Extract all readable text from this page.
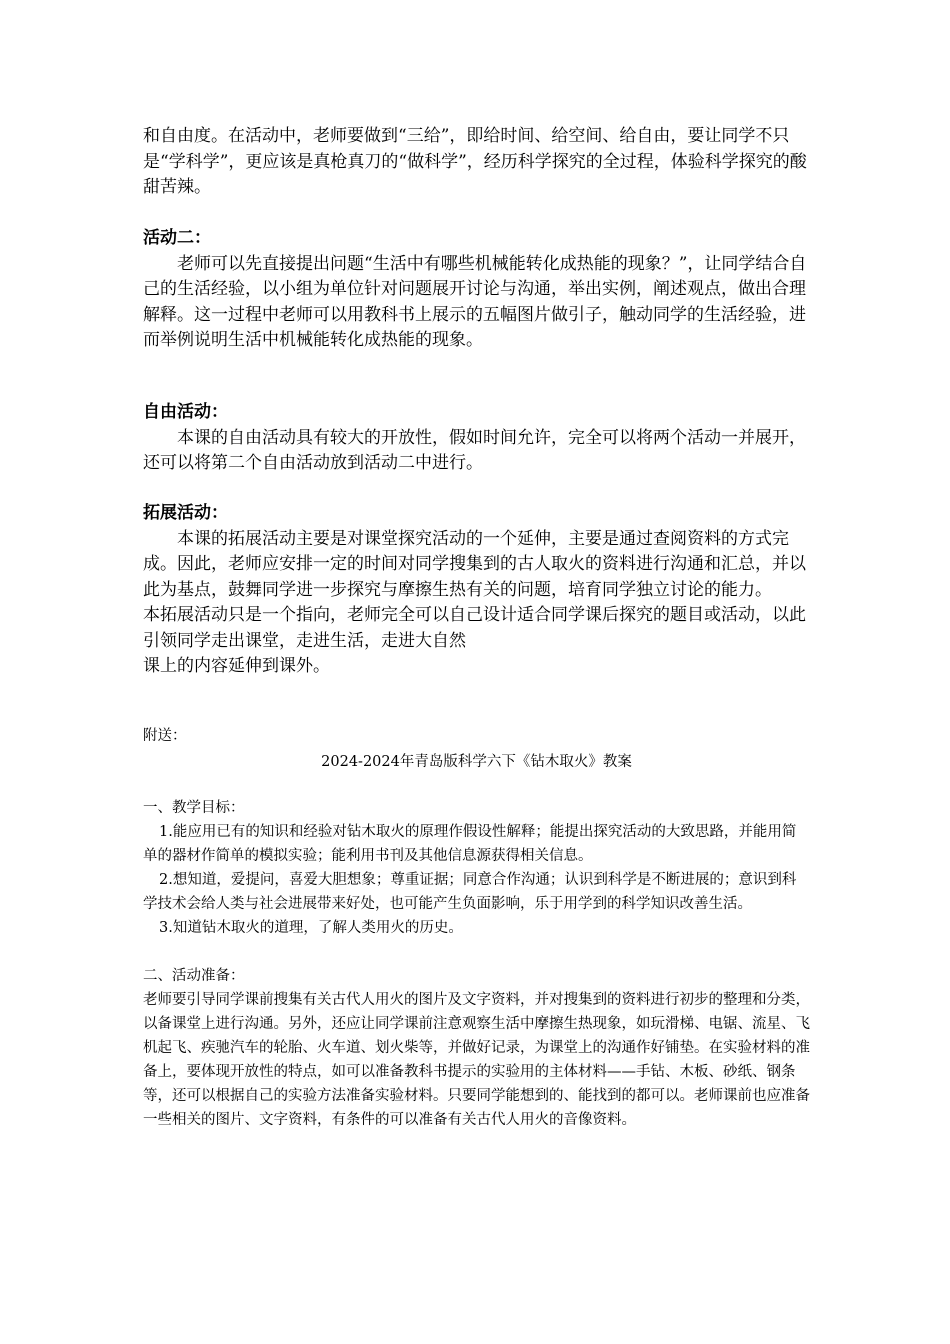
和自由度。在活动中，老师要做到“三给”，即给时间、给空间、给自由，要让同学不只是“学科学”，更应该是真枪真刀的“做科学”，经历科学探究的全过程，体验科学探究的酸甜苦辣。
活动二：
老师可以先直接提出问题“生活中有哪些机械能转化成热能的现象？”，让同学结合自己的生活经验，以小组为单位针对问题展开讨论与沟通，举出实例，阐述观点，做出合理解释。这一过程中老师可以用教科书上展示的五幅图片做引子，触动同学的生活经验，进而举例说明生活中机械能转化成热能的现象。
自由活动：
本课的自由活动具有较大的开放性，假如时间允许，完全可以将两个活动一并展开，还可以将第二个自由活动放到活动二中进行。
拓展活动：
本课的拓展活动主要是对课堂探究活动的一个延伸，主要是通过查阅资料的方式完成。因此，老师应安排一定的时间对同学搜集到的古人取火的资料进行沟通和汇总，并以此为基点，鼓舞同学进一步探究与摩擦生热有关的问题，培育同学独立讨论的能力。
本拓展活动只是一个指向，老师完全可以自己设计适合同学课后探究的题目或活动，以此引领同学走出课堂，走进生活，走进大自然
课上的内容延伸到课外。
附送：
2024-2024年青岛版科学六下《钻木取火》教案
一、教学目标：
1.能应用已有的知识和经验对钻木取火的原理作假设性解释；能提出探究活动的大致思路，并能用简单的器材作简单的模拟实验；能利用书刊及其他信息源获得相关信息。
2.想知道，爱提问，喜爱大胆想象；尊重证据；同意合作沟通；认识到科学是不断进展的；意识到科学技术会给人类与社会进展带来好处，也可能产生负面影响，乐于用学到的科学知识改善生活。
3.知道钻木取火的道理，了解人类用火的历史。
二、活动准备：
老师要引导同学课前搜集有关古代人用火的图片及文字资料，并对搜集到的资料进行初步的整理和分类，以备课堂上进行沟通。另外，还应让同学课前注意观察生活中摩擦生热现象，如玩滑梯、电锯、流星、飞机起飞、疾驰汽车的轮胎、火车道、划火柴等，并做好记录，为课堂上的沟通作好铺垫。在实验材料的准备上，要体现开放性的特点，如可以准备教科书提示的实验用的主体材料——手钻、木板、砂纸、钢条等，还可以根据自己的实验方法准备实验材料。只要同学能想到的、能找到的都可以。老师课前也应准备一些相关的图片、文字资料，有条件的可以准备有关古代人用火的音像资料。
